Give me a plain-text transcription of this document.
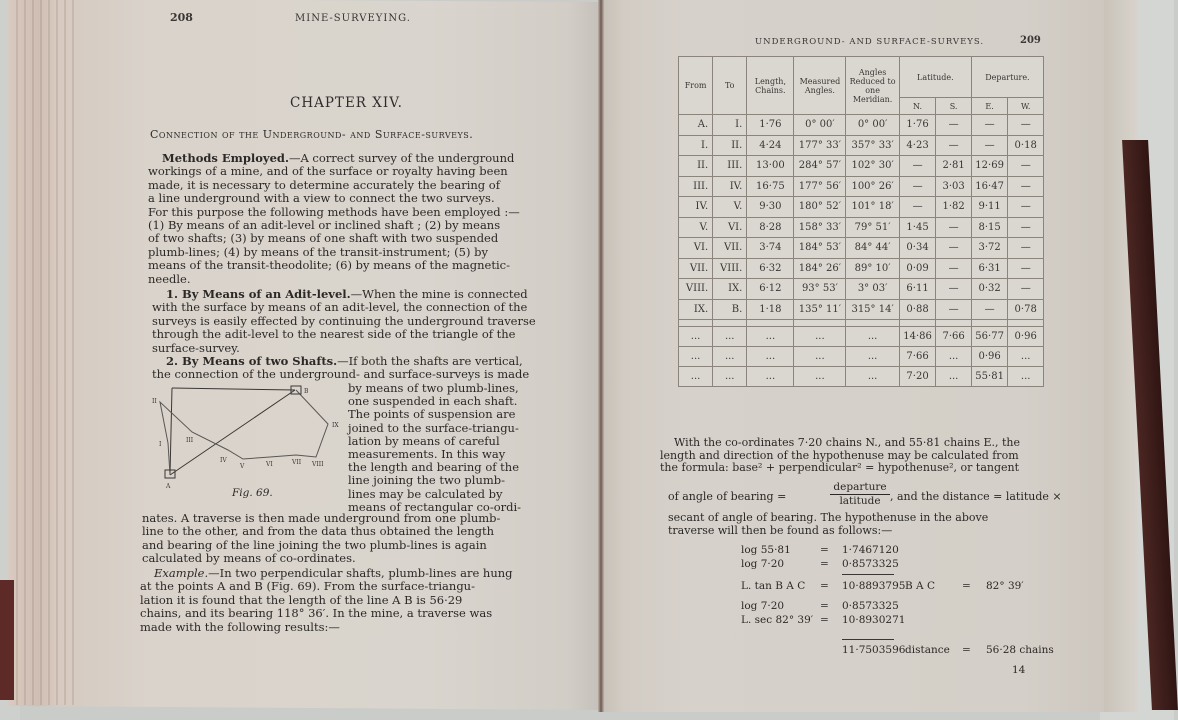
208	MINE-SURVEYING.
CHAPTER XIV.
Connection of the Underground- and Surface-surveys.
Methods Employed.—A correct survey of the underground
workings of a mine, and of the surface or royalty having been
made, it is necessary to determine accurately the bearing of
a line underground with a view to connect the two surveys.
For this purpose the following methods have been employed :—
(1) By means of an adit-level or inclined shaft ; (2) by means
of two shafts; (3) by means of one shaft with two suspended
plumb-lines; (4) by means of the transit-instrument; (5) by
means of the transit-theodolite; (6) by means of the magnetic-
needle.
1. By Means of an Adit-level.—When the mine is connected
with the surface by means of an adit-level, the connection of the
surveys is easily effected by continuing the underground traverse
through the adit-level to the nearest side of the triangle of the
surface-survey.
2. By Means of two Shafts.—If both the shafts are vertical,
the connection of the underground- and surface-surveys is made
by means of two plumb-lines,
one suspended in each shaft.
The points of suspension are
joined to the surface-triangu-
lation by means of careful
measurements. In this way
the length and bearing of the
line joining the two plumb-
lines may be calculated by
means of rectangular co-ordi-
A
B
I
II
III
IV
V	VI	VII VIII
IX
Fig. 69.
nates. A traverse is then made underground from one plumb-
line to the other, and from the data thus obtained the length
and bearing of the line joining the two plumb-lines is again
calculated by means of co-ordinates.
Example.—In two perpendicular shafts, plumb-lines are hung
at the points A and B (Fig. 69). From the surface-triangu-
lation it is found that the length of the line A B is 56·29
chains, and its bearing 118° 36′. In the mine, a traverse was
made with the following results:—
UNDERGROUND- AND SURFACE-SURVEYS.	209
From	To	Length, Chains.	Measured Angles.	Angles Reduced to one Meridian.	Latitude.		Departure.	
					N.	S.	E.	W.
A.	I.	1·76	0° 00′	0° 00′	1·76	—	—	—
I.	II.	4·24	177° 33′	357° 33′	4·23	—	—	0·18
II.	III.	13·00	284° 57′	102° 30′	—	2·81	12·69	—
III.	IV.	16·75	177° 56′	100° 26′	—	3·03	16·47	—
IV.	V.	9·30	180° 52′	101° 18′	—	1·82	9·11	—
V.	VI.	8·28	158° 33′	79° 51′	1·45	—	8·15	—
VI.	VII.	3·74	184° 53′	84° 44′	0·34	—	3·72	—
VII.	VIII.	6·32	184° 26′	89° 10′	0·09	—	6·31	—
VIII.	IX.	6·12	93° 53′	3° 03′	6·11	—	0·32	—
IX.	B.	1·18	135° 11′	315° 14′	0·88	—	—	0·78

...	...	...	...	...	14·86	7·66	56·77	0·96
...	...	...	...	...	7·66	...	0·96	...
...	...	...	...	...	7·20	...	55·81	...
With the co-ordinates 7·20 chains N., and 55·81 chains E., the
length and direction of the hypothenuse may be calculated from
the formula: base² + perpendicular² = hypothenuse², or tangent
of angle of bearing =
departure
latitude , and the distance = latitude ×
secant of angle of bearing. The hypothenuse in the above
traverse will then be found as follows:—
log 55·81	= 1·7467120
log 7·20	= 0·8573325
L. tan B A C = 10·8893795 B A C	= 82° 39′
log 7·20	= 0·8573325
L. sec 82° 39′ = 10·8930271
11·7503596 distance = 56·28 chains
14
